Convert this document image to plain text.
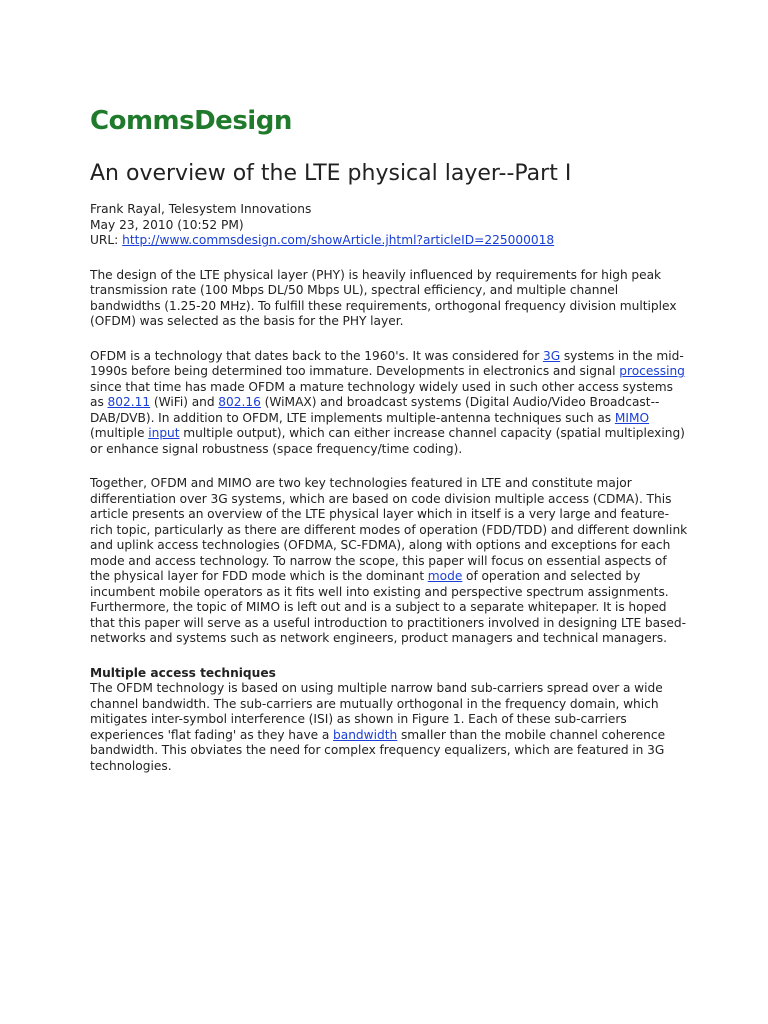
CommsDesign
An overview of the LTE physical layer--Part I
Frank Rayal, Telesystem Innovations
May 23, 2010 (10:52 PM)
URL: http://www.commsdesign.com/showArticle.jhtml?articleID=225000018

The design of the LTE physical layer (PHY) is heavily influenced by requirements for high peak transmission rate (100 Mbps DL/50 Mbps UL), spectral efficiency, and multiple channel bandwidths (1.25-20 MHz). To fulfill these requirements, orthogonal frequency division multiplex (OFDM) was selected as the basis for the PHY layer.

OFDM is a technology that dates back to the 1960's. It was considered for 3G systems in the mid-1990s before being determined too immature. Developments in electronics and signal processing since that time has made OFDM a mature technology widely used in such other access systems as 802.11 (WiFi) and 802.16 (WiMAX) and broadcast systems (Digital Audio/Video Broadcast--DAB/DVB). In addition to OFDM, LTE implements multiple-antenna techniques such as MIMO (multiple input multiple output), which can either increase channel capacity (spatial multiplexing) or enhance signal robustness (space frequency/time coding).

Together, OFDM and MIMO are two key technologies featured in LTE and constitute major differentiation over 3G systems, which are based on code division multiple access (CDMA). This article presents an overview of the LTE physical layer which in itself is a very large and feature-rich topic, particularly as there are different modes of operation (FDD/TDD) and different downlink and uplink access technologies (OFDMA, SC-FDMA), along with options and exceptions for each mode and access technology. To narrow the scope, this paper will focus on essential aspects of the physical layer for FDD mode which is the dominant mode of operation and selected by incumbent mobile operators as it fits well into existing and perspective spectrum assignments. Furthermore, the topic of MIMO is left out and is a subject to a separate whitepaper. It is hoped that this paper will serve as a useful introduction to practitioners involved in designing LTE based-networks and systems such as network engineers, product managers and technical managers.

Multiple access techniques

The OFDM technology is based on using multiple narrow band sub-carriers spread over a wide channel bandwidth. The sub-carriers are mutually orthogonal in the frequency domain, which mitigates inter-symbol interference (ISI) as shown in Figure 1. Each of these sub-carriers experiences 'flat fading' as they have a bandwidth smaller than the mobile channel coherence bandwidth. This obviates the need for complex frequency equalizers, which are featured in 3G technologies.
